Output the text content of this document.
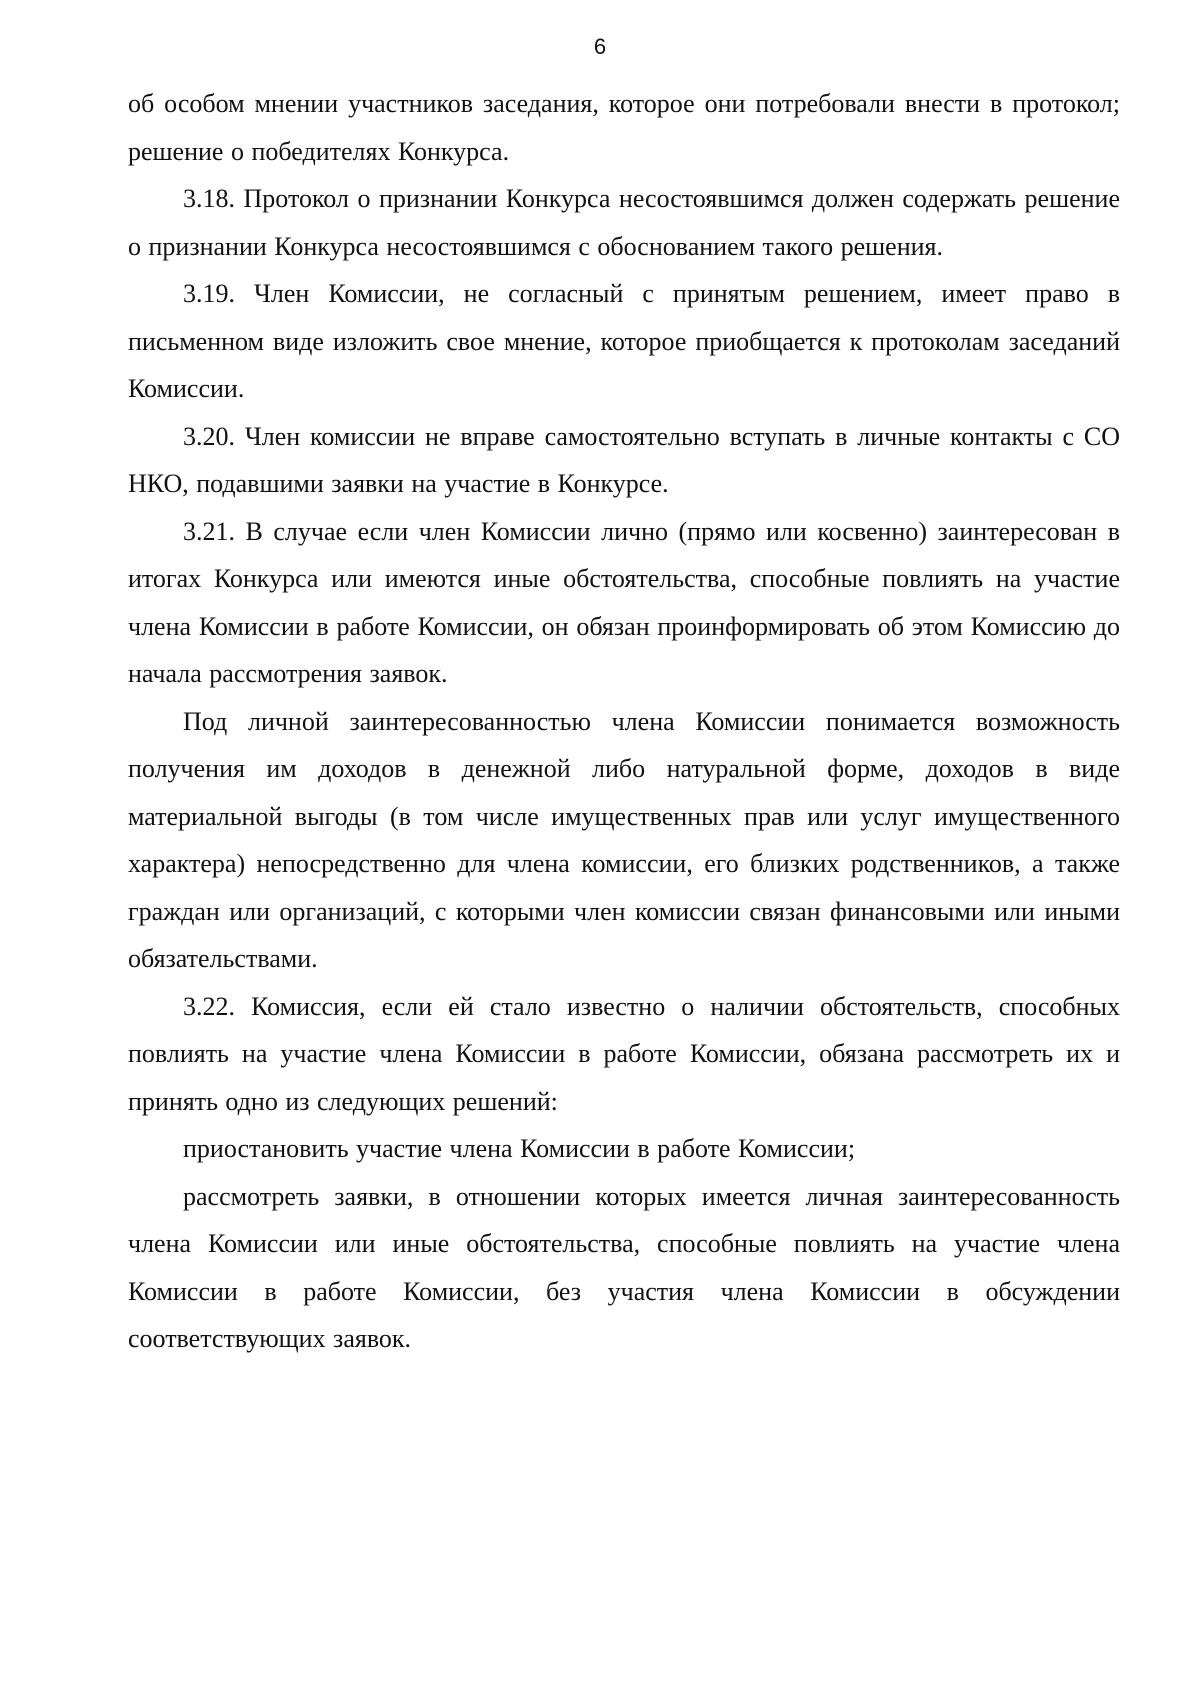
6

об особом мнении участников заседания, которое они потребовали внести в протокол; решение о победителях Конкурса.

3.18. Протокол о признании Конкурса несостоявшимся должен содержать решение о признании Конкурса несостоявшимся с обоснованием такого решения.

3.19. Член Комиссии, не согласный с принятым решением, имеет право в письменном виде изложить свое мнение, которое приобщается к протоколам заседаний Комиссии.

3.20. Член комиссии не вправе самостоятельно вступать в личные контакты с СО НКО, подавшими заявки на участие в Конкурсе.

3.21. В случае если член Комиссии лично (прямо или косвенно) заинтересован в итогах Конкурса или имеются иные обстоятельства, способные повлиять на участие члена Комиссии в работе Комиссии, он обязан проинформировать об этом Комиссию до начала рассмотрения заявок.

Под личной заинтересованностью члена Комиссии понимается возможность получения им доходов в денежной либо натуральной форме, доходов в виде материальной выгоды (в том числе имущественных прав или услуг имущественного характера) непосредственно для члена комиссии, его близких родственников, а также граждан или организаций, с которыми член комиссии связан финансовыми или иными обязательствами.

3.22. Комиссия, если ей стало известно о наличии обстоятельств, способных повлиять на участие члена Комиссии в работе Комиссии, обязана рассмотреть их и принять одно из следующих решений:

приостановить участие члена Комиссии в работе Комиссии;

рассмотреть заявки, в отношении которых имеется личная заинтересованность члена Комиссии или иные обстоятельства, способные повлиять на участие члена Комиссии в работе Комиссии, без участия члена Комиссии в обсуждении соответствующих заявок.
